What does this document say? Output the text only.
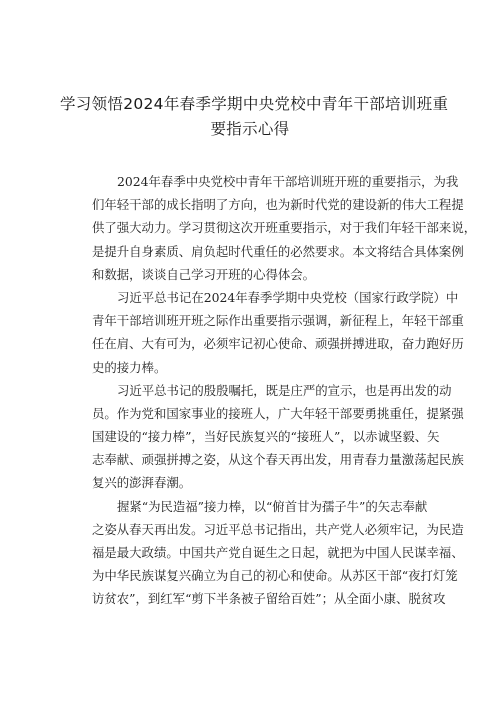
学习领悟2024年春季学期中央党校中青年干部培训班重
要指示心得
2024年春季中央党校中青年干部培训班开班的重要指示，为我
们年轻干部的成长指明了方向，也为新时代党的建设新的伟大工程提
供了强大动力。学习贯彻这次开班重要指示，对于我们年轻干部来说，
是提升自身素质、肩负起时代重任的必然要求。本文将结合具体案例
和数据，谈谈自己学习开班的心得体会。
习近平总书记在2024年春季学期中央党校（国家行政学院）中
青年干部培训班开班之际作出重要指示强调，新征程上，年轻干部重
任在肩、大有可为，必须牢记初心使命、顽强拼搏进取，奋力跑好历
史的接力棒。
习近平总书记的殷殷嘱托，既是庄严的宣示，也是再出发的动
员。作为党和国家事业的接班人，广大年轻干部要勇挑重任，提紧强
国建设的“接力棒”，当好民族复兴的“接班人”，以赤诚坚毅、矢
志奉献、顽强拼搏之姿，从这个春天再出发，用青春力量激荡起民族
复兴的澎湃春潮。
握紧“为民造福”接力棒，以“俯首甘为孺子牛”的矢志奉献
之姿从春天再出发。习近平总书记指出，共产党人必须牢记，为民造
福是最大政绩。中国共产党自诞生之日起，就把为中国人民谋幸福、
为中华民族谋复兴确立为自己的初心和使命。从苏区干部“夜打灯笼
访贫农”，到红军“剪下半条被子留给百姓”；从全面小康、脱贫攻
